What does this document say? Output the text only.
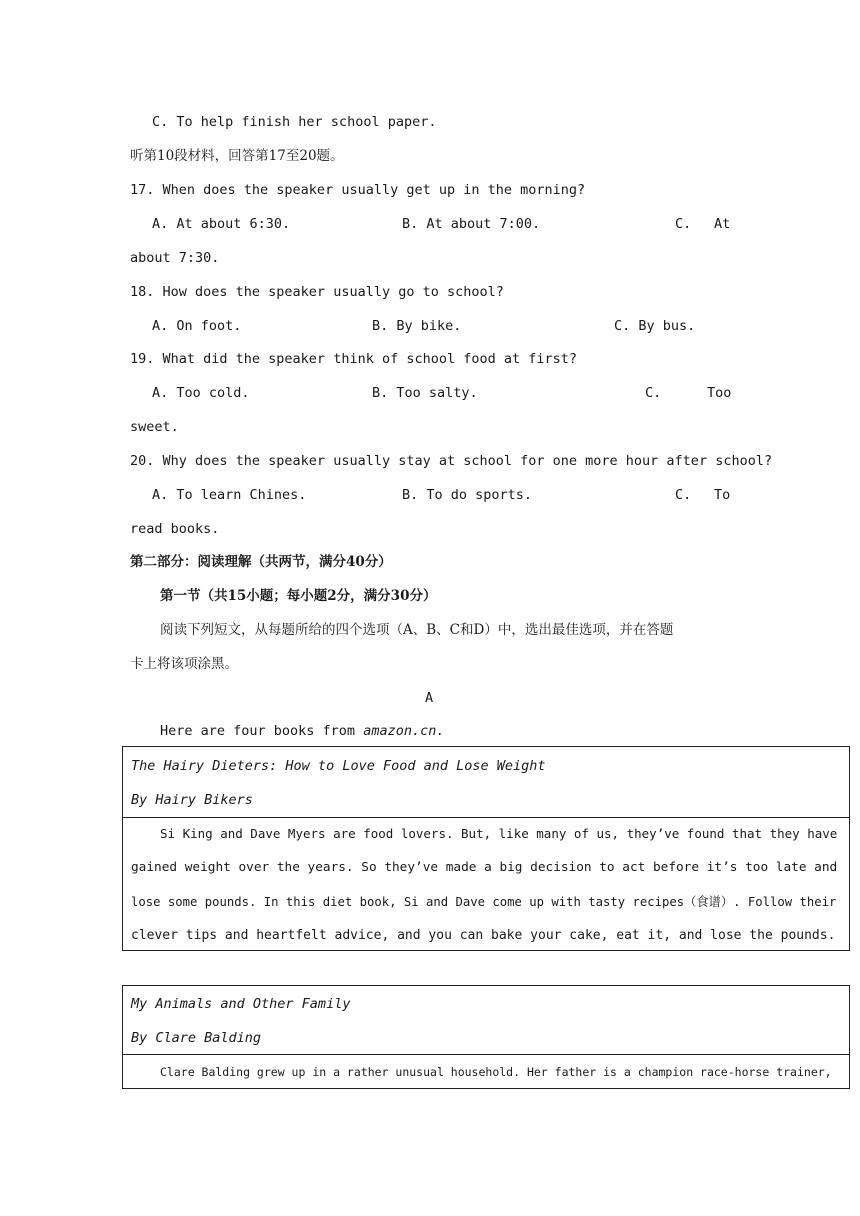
C. To help finish her school paper.
听第10段材料，回答第17至20题。
17. When does the speaker usually get up in the morning?
A. At about 6:30.	B. At about 7:00.	C. At
about 7:30.
18. How does the speaker usually go to school?
A. On foot.	B. By bike.	C. By bus.
19. What did the speaker think of school food at first?
A. Too cold.	B. Too salty.	C.	Too
sweet.
20. Why does the speaker usually stay at school for one more hour after school?
A. To learn Chines.	B. To do sports.	C. To
read books.
第二部分：阅读理解（共两节，满分40分）
第一节（共15小题；每小题2分，满分30分）
阅读下列短文，从每题所给的四个选项（A、B、C和D）中，选出最佳选项，并在答题
卡上将该项涂黑。
A
Here are four books from amazon.cn.
The Hairy Dieters: How to Love Food and Lose Weight
By Hairy Bikers
Si King and Dave Myers are food lovers. But, like many of us, they’ve found that they have
gained weight over the years. So they’ve made a big decision to act before it’s too late and
lose some pounds. In this diet book, Si and Dave come up with tasty recipes（食谱）. Follow their
clever tips and heartfelt advice, and you can bake your cake, eat it, and lose the pounds.
My Animals and Other Family
By Clare Balding
Clare Balding grew up in a rather unusual household. Her father is a champion race-horse trainer,
